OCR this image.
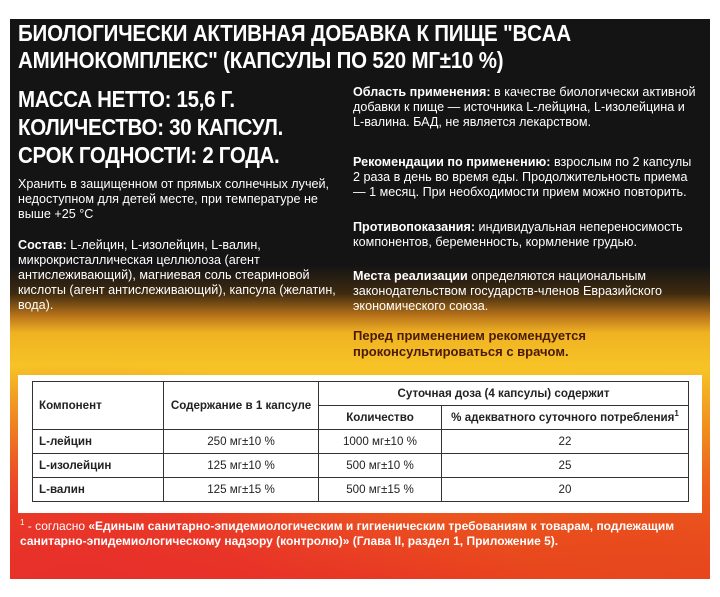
БИОЛОГИЧЕСКИ АКТИВНАЯ ДОБАВКА К ПИЩЕ "BCAA АМИНОКОМПЛЕКС" (КАПСУЛЫ ПО 520 МГ±10 %)
МАССА НЕТТО: 15,6 Г.
КОЛИЧЕСТВО: 30 КАПСУЛ.
СРОК ГОДНОСТИ: 2 ГОДА.
Хранить в защищенном от прямых солнечных лучей, недоступном для детей месте, при температуре не выше +25 °С
Состав: L-лейцин, L-изолейцин, L-валин, микрокристаллическая целлюлоза (агент антислеживающий), магниевая соль стеариновой кислоты (агент антислеживающий), капсула (желатин, вода).
Область применения: в качестве биологически активной добавки к пище — источника L-лейцина, L-изолейцина и L-валина. БАД, не является лекарством.
Рекомендации по применению: взрослым по 2 капсулы 2 раза в день во время еды. Продолжительность приема — 1 месяц. При необходимости прием можно повторить.
Противопоказания: индивидуальная непереносимость компонентов, беременность, кормление грудью.
Места реализации определяются национальным законодательством государств-членов Евразийского экономического союза.
Перед применением рекомендуется проконсультироваться с врачом.
Компонент	Содержание в 1 капсуле	Суточная доза (4 капсулы) содержит	
		Количество	% адекватного суточного потребления$^1$
L-лейцин	250 мг±10 %	1000 мг±10 %	22
L-изолейцин	125 мг±10 %	500 мг±10 %	25
L-валин	125 мг±15 %	500 мг±15 %	20
$^1$ - согласно «Единым санитарно-эпидемиологическим и гигиеническим требованиям к товарам, подлежащим санитарно-эпидемиологическому надзору (контролю)» (Глава II, раздел 1, Приложение 5).
